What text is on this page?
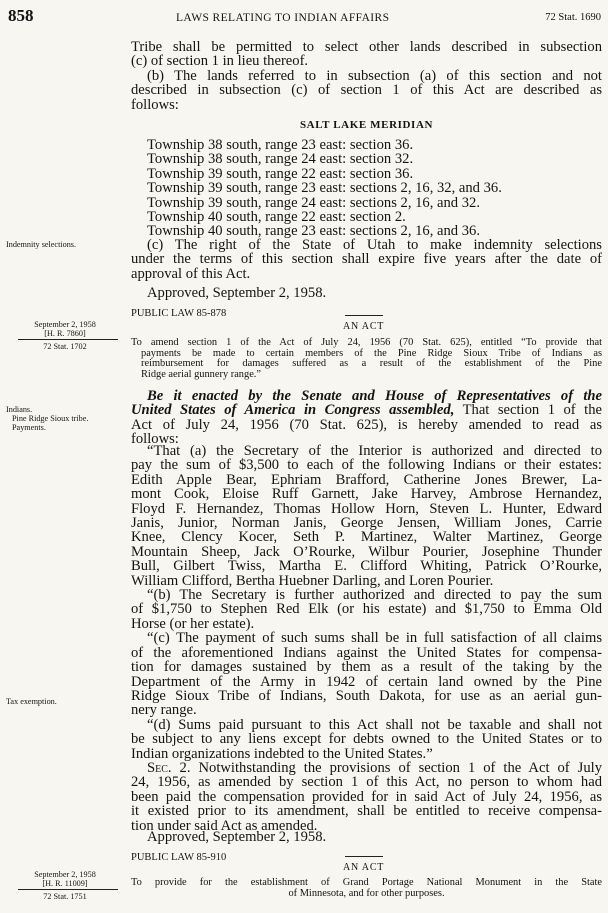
858	LAWS RELATING TO INDIAN AFFAIRS	72 Stat. 1690
Tribe shall be permitted to select other lands described in subsection
(c) of section 1 in lieu thereof.
(b) The lands referred to in subsection (a) of this section and not
described in subsection (c) of section 1 of this Act are described as
follows:
SALT LAKE MERIDIAN
Township 38 south, range 23 east: section 36.
Township 38 south, range 24 east: section 32.
Township 39 south, range 22 east: section 36.
Township 39 south, range 23 east: sections 2, 16, 32, and 36.
Township 39 south, range 24 east: sections 2, 16, and 32.
Township 40 south, range 22 east: section 2.
Township 40 south, range 23 east: sections 2, 16, and 36.
Indemnity selections.	(c) The right of the State of Utah to make indemnity selections
under the terms of this section shall expire five years after the date of
approval of this Act.
Approved, September 2, 1958.
September 2, 1958
[H. R. 7860]
72 Stat. 1702
PUBLIC LAW 85-878
AN ACT
To amend section 1 of the Act of July 24, 1956 (70 Stat. 625), entitled “To provide that
payments be made to certain members of the Pine Ridge Sioux Tribe of Indians as
reimbursement for damages suffered as a result of the establishment of the Pine
Ridge aerial gunnery range.”
Indians.
Pine Ridge Sioux tribe.
Payments.
Be it enacted by the Senate and House of Representatives of the
United States of America in Congress assembled, That section 1 of the
Act of July 24, 1956 (70 Stat. 625), is hereby amended to read as
follows:
“That (a) the Secretary of the Interior is authorized and directed to
pay the sum of $3,500 to each of the following Indians or their estates:
Edith Apple Bear, Ephriam Brafford, Catherine Jones Brewer, La-
mont Cook, Eloise Ruff Garnett, Jake Harvey, Ambrose Hernandez,
Floyd F. Hernandez, Thomas Hollow Horn, Steven L. Hunter, Edward
Janis, Junior, Norman Janis, George Jensen, William Jones, Carrie
Knee, Clency Kocer, Seth P. Martinez, Walter Martinez, George
Mountain Sheep, Jack O’Rourke, Wilbur Pourier, Josephine Thunder
Bull, Gilbert Twiss, Martha E. Clifford Whiting, Patrick O’Rourke,
William Clifford, Bertha Huebner Darling, and Loren Pourier.
“(b) The Secretary is further authorized and directed to pay the sum
of $1,750 to Stephen Red Elk (or his estate) and $1,750 to Emma Old
Horse (or her estate).
“(c) The payment of such sums shall be in full satisfaction of all claims
of the aforementioned Indians against the United States for compensa-
tion for damages sustained by them as a result of the taking by the
Department of the Army in 1942 of certain land owned by the Pine
Ridge Sioux Tribe of Indians, South Dakota, for use as an aerial gun-
nery range.
“(d) Sums paid pursuant to this Act shall not be taxable and shall not
be subject to any liens except for debts owned to the United States or to
Indian organizations indebted to the United States.”
Sec. 2. Notwithstanding the provisions of section 1 of the Act of July
24, 1956, as amended by section 1 of this Act, no person to whom had
been paid the compensation provided for in said Act of July 24, 1956, as
it existed prior to its amendment, shall be entitled to receive compensa-
tion under said Act as amended.
Tax exemption.
Approved, September 2, 1958.
PUBLIC LAW 85-910
AN ACT
September 2, 1958
[H. R. 11009]
72 Stat. 1751
To provide for the establishment of Grand Portage National Monument in the State
of Minnesota, and for other purposes.
